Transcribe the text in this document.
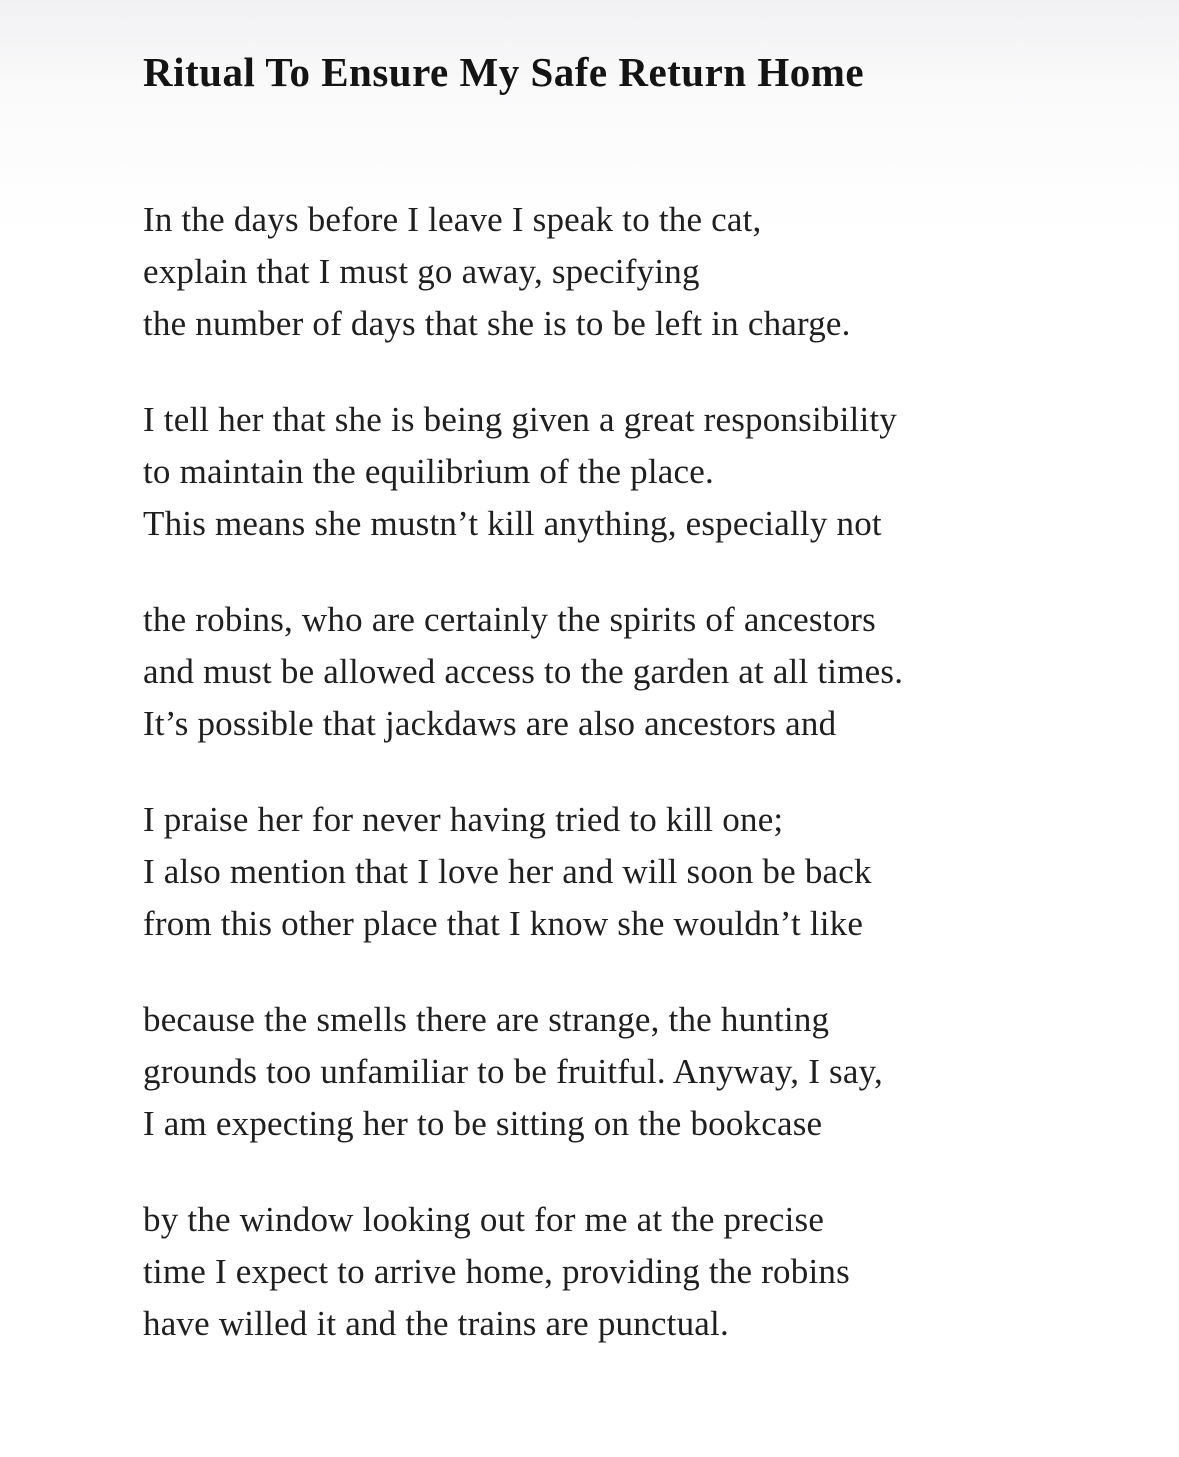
Ritual To Ensure My Safe Return Home

In the days before I leave I speak to the cat,

explain that I must go away, specifying

the number of days that she is to be left in charge.

I tell her that she is being given a great responsibility

to maintain the equilibrium of the place.

This means she mustn’t kill anything, especially not

the robins, who are certainly the spirits of ancestors

and must be allowed access to the garden at all times.

It’s possible that jackdaws are also ancestors and

I praise her for never having tried to kill one;

I also mention that I love her and will soon be back

from this other place that I know she wouldn’t like

because the smells there are strange, the hunting

grounds too unfamiliar to be fruitful. Anyway, I say,

I am expecting her to be sitting on the bookcase

by the window looking out for me at the precise

time I expect to arrive home, providing the robins

have willed it and the trains are punctual.
